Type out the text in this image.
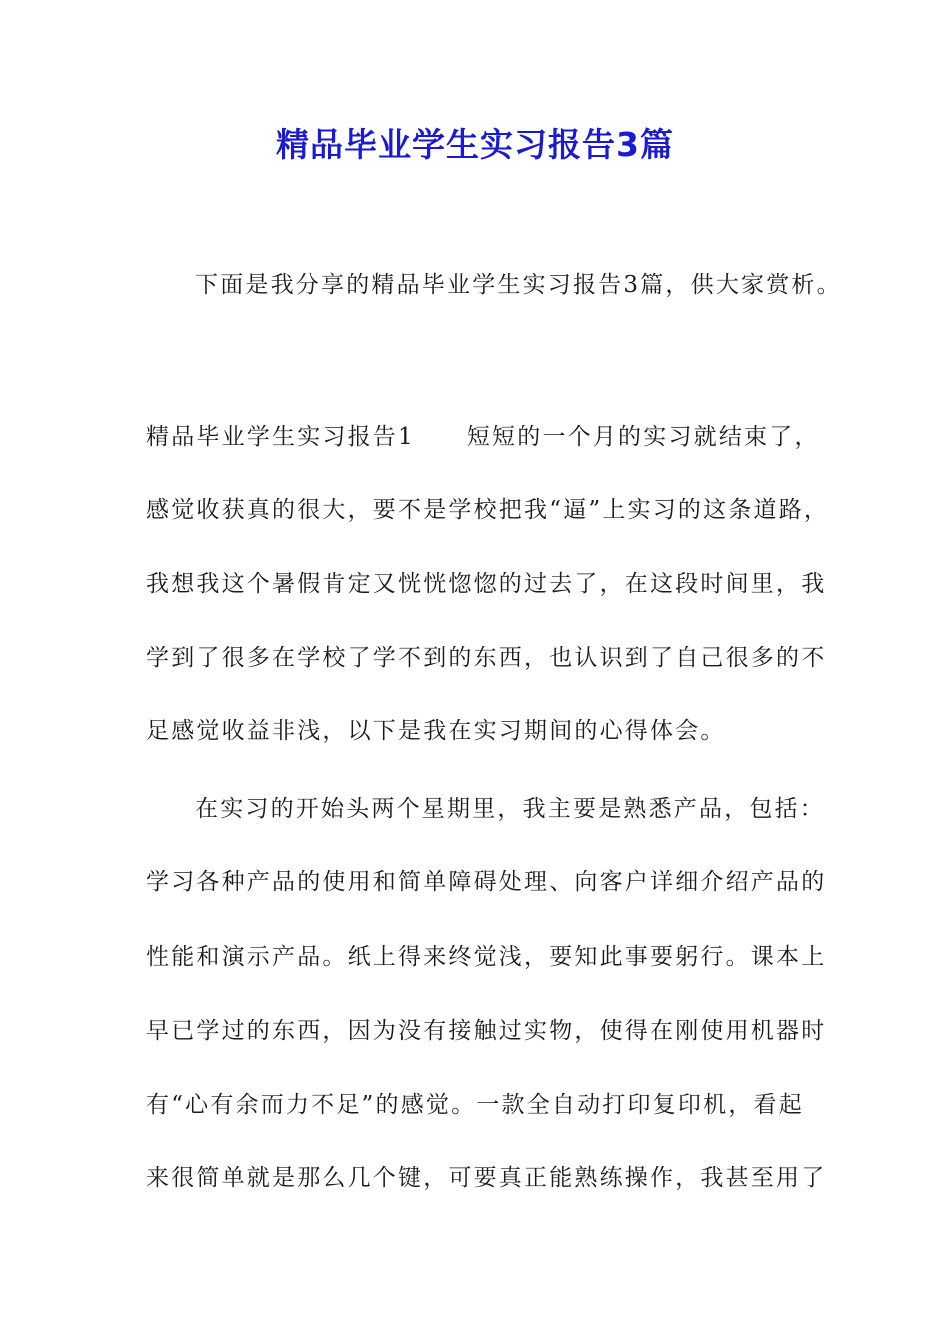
精品毕业学生实习报告3篇
下面是我分享的精品毕业学生实习报告3篇，供大家赏析。
精品毕业学生实习报告1 短短的一个月的实习就结束了，
感觉收获真的很大，要不是学校把我“逼”上实习的这条道路，
我想我这个暑假肯定又恍恍惚惚的过去了，在这段时间里，我
学到了很多在学校了学不到的东西，也认识到了自己很多的不
足感觉收益非浅，以下是我在实习期间的心得体会。
在实习的开始头两个星期里，我主要是熟悉产品，包括：
学习各种产品的使用和简单障碍处理、向客户详细介绍产品的
性能和演示产品。纸上得来终觉浅，要知此事要躬行。课本上
早已学过的东西，因为没有接触过实物，使得在刚使用机器时
有“心有余而力不足”的感觉。一款全自动打印复印机，看起
来很简单就是那么几个键，可要真正能熟练操作，我甚至用了
